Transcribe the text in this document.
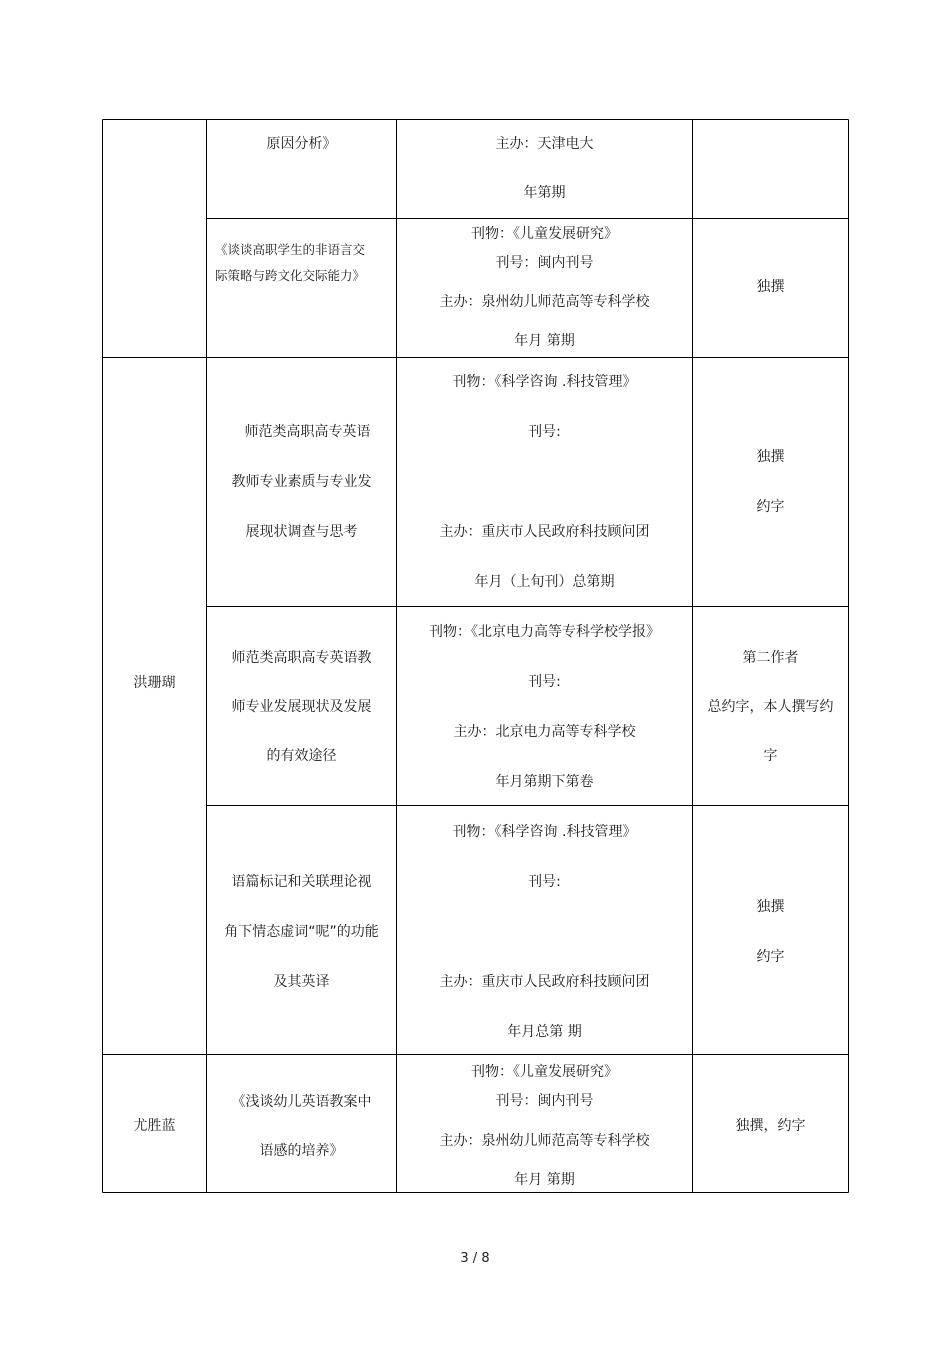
洪珊瑚
尤胜蓝
原因分析》	主办：天津电大
年第期
《谈谈高职学生的非语言交
际策略与跨文化交际能力》
刊物：《儿童发展研究》
刊号：闽内刊号
主办：泉州幼儿师范高等专科学校
年月 第期
独撰
师范类高职高专英语
教师专业素质与专业发
展现状调查与思考
刊物：《科学咨询 .科技管理》
刊号:
主办：重庆市人民政府科技顾问团
年月（上旬刊）总第期
独撰
约字
师范类高职高专英语教
师专业发展现状及发展
的有效途径
刊物：《北京电力高等专科学校学报》
刊号:
主办：北京电力高等专科学校
年月第期下第卷
第二作者
总约字，本人撰写约
字
语篇标记和关联理论视
角下情态虚词“呢”的功能
及其英译
刊物：《科学咨询 .科技管理》
刊号:
主办：重庆市人民政府科技顾问团
年月总第 期
独撰
约字
《浅谈幼儿英语教案中
语感的培养》
刊物：《儿童发展研究》
刊号：闽内刊号
主办：泉州幼儿师范高等专科学校
年月 第期
独撰，约字
3 / 8
